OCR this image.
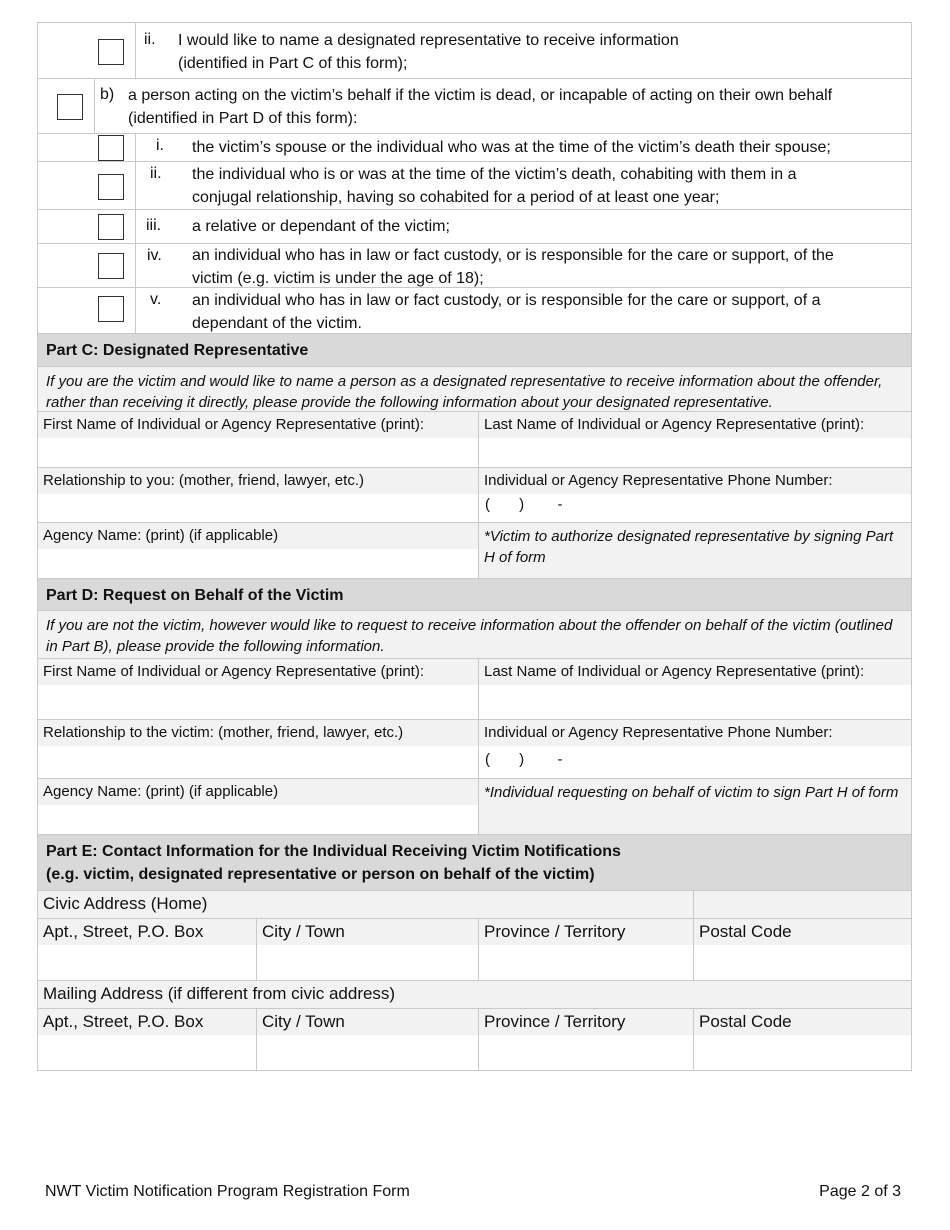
ii. I would like to name a designated representative to receive information
(identified in Part C of this form);
b) a person acting on the victim’s behalf if the victim is dead, or incapable of acting on their own behalf
(identified in Part D of this form):
i. the victim’s spouse or the individual who was at the time of the victim’s death their spouse;
ii. the individual who is or was at the time of the victim’s death, cohabiting with them in a
conjugal relationship, having so cohabited for a period of at least one year;
iii. a relative or dependant of the victim;
iv. an individual who has in law or fact custody, or is responsible for the care or support, of the
victim (e.g. victim is under the age of 18);
v. an individual who has in law or fact custody, or is responsible for the care or support, of a
dependant of the victim.
Part C: Designated Representative
If you are the victim and would like to name a person as a designated representative to receive information about the offender, rather than receiving it directly, please provide the following information about your designated representative.
First Name of Individual or Agency Representative (print):	Last Name of Individual or Agency Representative (print):
Relationship to you: (mother, friend, lawyer, etc.)	Individual or Agency Representative Phone Number:
(       )        -
Agency Name: (print) (if applicable)	*Victim to authorize designated representative by signing Part H of form
Part D: Request on Behalf of the Victim
If you are not the victim, however would like to request to receive information about the offender on behalf of the victim (outlined in Part B), please provide the following information.
First Name of Individual or Agency Representative (print):	Last Name of Individual or Agency Representative (print):
Relationship to the victim: (mother, friend, lawyer, etc.)	Individual or Agency Representative Phone Number:
(       )        -
Agency Name: (print) (if applicable)	*Individual requesting on behalf of victim to sign Part H of form
Part E: Contact Information for the Individual Receiving Victim Notifications
(e.g. victim, designated representative or person on behalf of the victim)
Civic Address (Home)
Apt., Street, P.O. Box	City / Town	Province / Territory	Postal Code
Mailing Address (if different from civic address)
Apt., Street, P.O. Box	City / Town	Province / Territory	Postal Code
NWT Victim Notification Program Registration Form	Page 2 of 3
